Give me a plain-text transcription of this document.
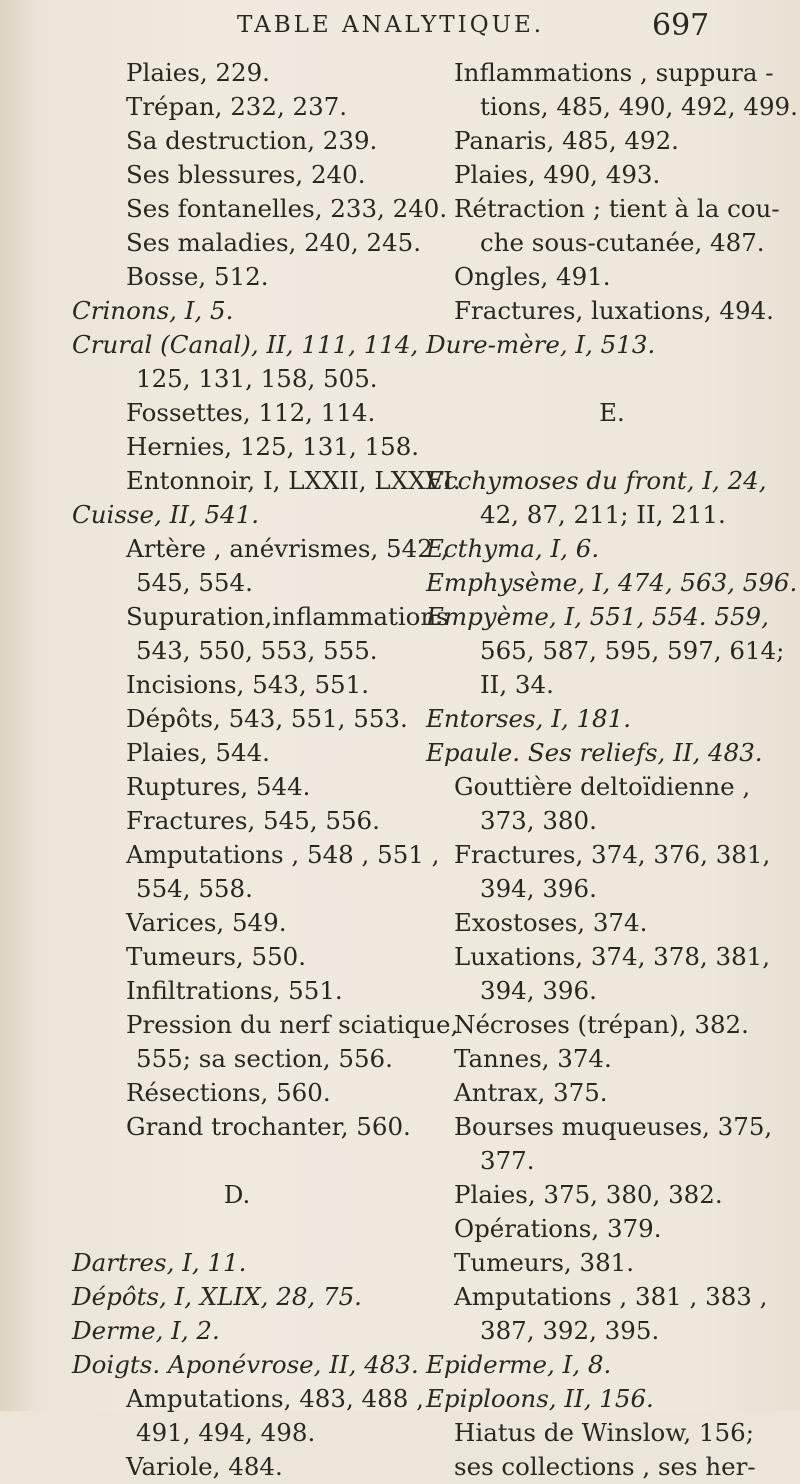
TABLE ANALYTIQUE.	697
Plaies, 229.
Trépan, 232, 237.
Sa destruction, 239.
Ses blessures, 240.
Ses fontanelles, 233, 240.
Ses maladies, 240, 245.
Bosse, 512.
Crinons, I, 5.
Crural (Canal), II, 111, 114,
125, 131, 158, 505.
Fossettes, 112, 114.
Hernies, 125, 131, 158.
Entonnoir, I, LXXII, LXXVI.
Cuisse, II, 541.
Artère , anévrismes, 542 ,
545, 554.
Supuration,inflammations
543, 550, 553, 555.
Incisions, 543, 551.
Dépôts, 543, 551, 553.
Plaies, 544.
Ruptures, 544.
Fractures, 545, 556.
Amputations , 548 , 551 ,
554, 558.
Varices, 549.
Tumeurs, 550.
Infiltrations, 551.
Pression du nerf sciatique,
555; sa section, 556.
Résections, 560.
Grand trochanter, 560.
D.
Dartres, I, 11.
Dépôts, I, XLIX, 28, 75.
Derme, I, 2.
Doigts. Aponévrose, II, 483.
Amputations, 483, 488 ,
491, 494, 498.
Variole, 484.
Inflammations , suppura -
tions, 485, 490, 492, 499.
Panaris, 485, 492.
Plaies, 490, 493.
Rétraction ; tient à la cou-
che sous-cutanée, 487.
Ongles, 491.
Fractures, luxations, 494.
Dure-mère, I, 513.
E.
Ecchymoses du front, I, 24,
42, 87, 211; II, 211.
Ecthyma, I, 6.
Emphysème, I, 474, 563, 596.
Empyème, I, 551, 554. 559,
565, 587, 595, 597, 614;
II, 34.
Entorses, I, 181.
Epaule. Ses reliefs, II, 483.
Gouttière deltoïdienne ,
373, 380.
Fractures, 374, 376, 381,
394, 396.
Exostoses, 374.
Luxations, 374, 378, 381,
394, 396.
Nécroses (trépan), 382.
Tannes, 374.
Antrax, 375.
Bourses muqueuses, 375,
377.
Plaies, 375, 380, 382.
Opérations, 379.
Tumeurs, 381.
Amputations , 381 , 383 ,
387, 392, 395.
Epiderme, I, 8.
Epiploons, II, 156.
Hiatus de Winslow, 156;
ses collections , ses her-
